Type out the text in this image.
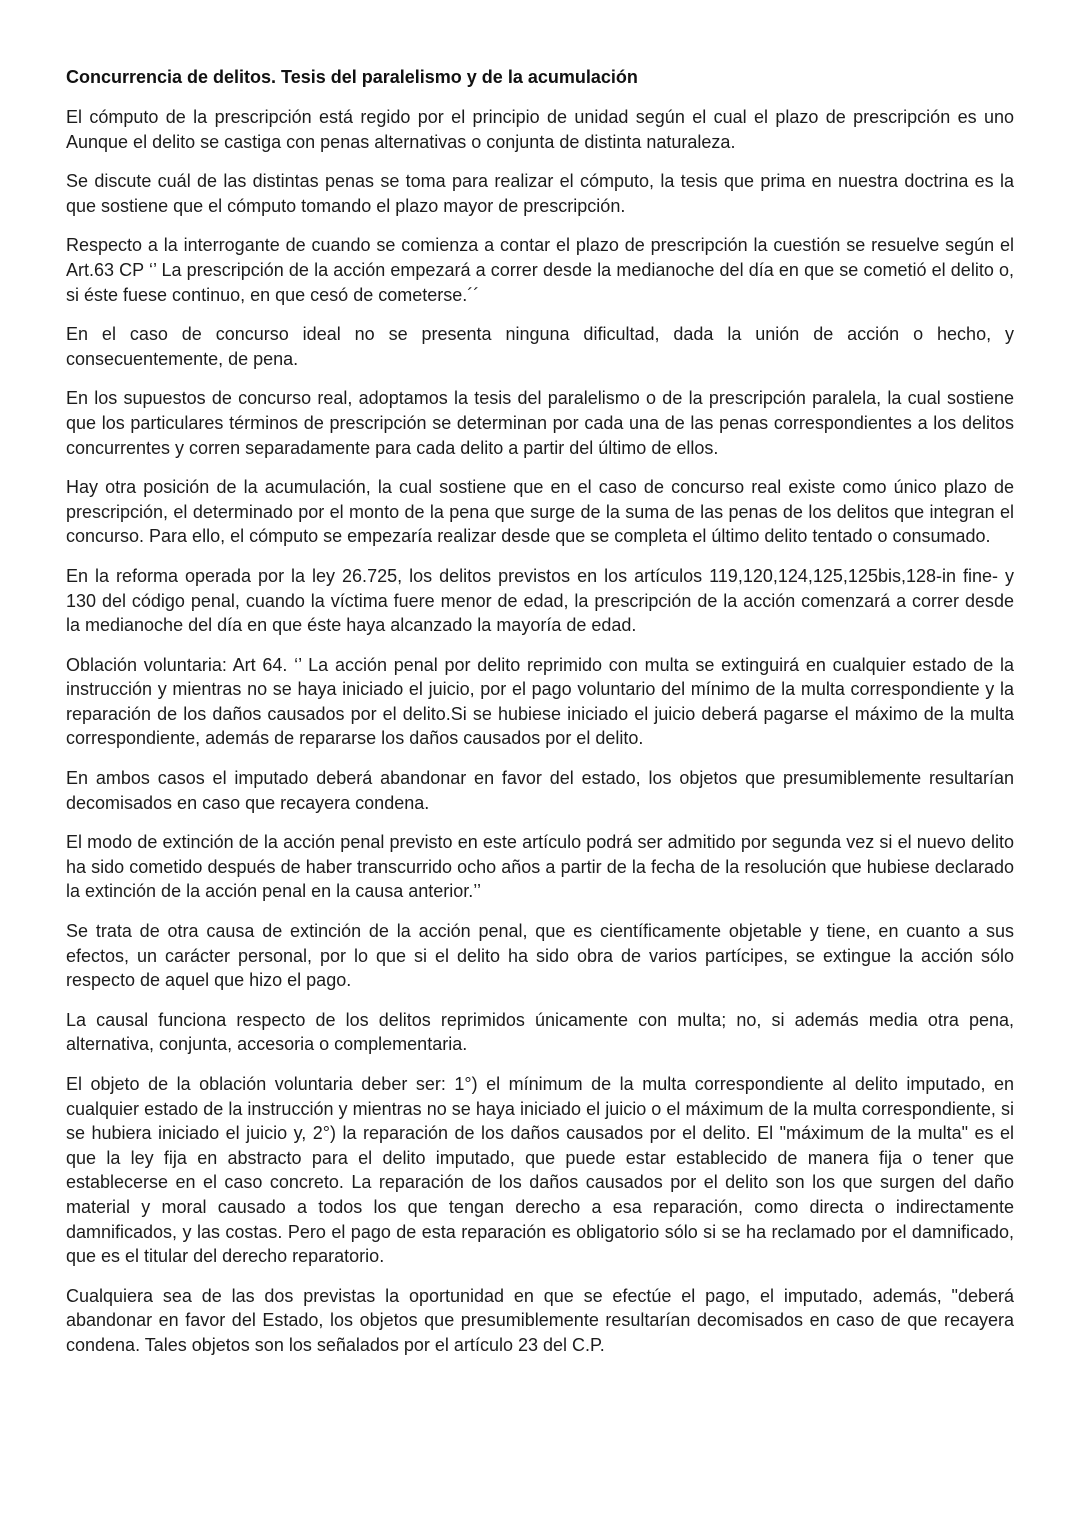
Concurrencia de delitos. Tesis del paralelismo y de la acumulación

El cómputo de la prescripción está regido por el principio de unidad según el cual el plazo de prescripción es uno Aunque el delito se castiga con penas alternativas o conjunta de distinta naturaleza.

Se discute cuál de las distintas penas se toma para realizar el cómputo, la tesis que prima en nuestra doctrina es la que sostiene que el cómputo tomando el plazo mayor de prescripción.

Respecto a la interrogante de cuando se comienza a contar el plazo de prescripción la cuestión se resuelve según el Art.63 CP ‘’ La prescripción de la acción empezará a correr desde la medianoche del día en que se cometió el delito o, si éste fuese continuo, en que cesó de cometerse.´´

En el caso de concurso ideal no se presenta ninguna dificultad, dada la unión de acción o hecho, y consecuentemente, de pena.

En los supuestos de concurso real, adoptamos la tesis del paralelismo o de la prescripción paralela, la cual sostiene que los particulares términos de prescripción se determinan por cada una de las penas correspondientes a los delitos concurrentes y corren separadamente para cada delito a partir del último de ellos.

Hay otra posición de la acumulación, la cual sostiene que en el caso de concurso real existe como único plazo de prescripción, el determinado por el monto de la pena que surge de la suma de las penas de los delitos que integran el concurso. Para ello, el cómputo se empezaría realizar desde que se completa el último delito tentado o consumado.

En la reforma operada por la ley 26.725, los delitos previstos en los artículos 119,120,124,125,125bis,128-in fine- y 130 del código penal, cuando la víctima fuere menor de edad, la prescripción de la acción comenzará a correr desde la medianoche del día en que éste haya alcanzado la mayoría de edad.

Oblación voluntaria: Art 64. ‘’ La acción penal por delito reprimido con multa se extinguirá en cualquier estado de la instrucción y mientras no se haya iniciado el juicio, por el pago voluntario del mínimo de la multa correspondiente y la reparación de los daños causados por el delito.Si se hubiese iniciado el juicio deberá pagarse el máximo de la multa correspondiente, además de repararse los daños causados por el delito.

En ambos casos el imputado deberá abandonar en favor del estado, los objetos que presumiblemente resultarían decomisados en caso que recayera condena.

El modo de extinción de la acción penal previsto en este artículo podrá ser admitido por segunda vez si el nuevo delito ha sido cometido después de haber transcurrido ocho años a partir de la fecha de la resolución que hubiese declarado la extinción de la acción penal en la causa anterior.’’

Se trata de otra causa de extinción de la acción penal, que es científicamente objetable y tiene, en cuanto a sus efectos, un carácter personal, por lo que si el delito ha sido obra de varios partícipes, se extingue la acción sólo respecto de aquel que hizo el pago.

La causal funciona respecto de los delitos reprimidos únicamente con multa; no, si además media otra pena, alternativa, conjunta, accesoria o complementaria.

El objeto de la oblación voluntaria deber ser: 1°) el mínimum de la multa correspondiente al delito imputado, en cualquier estado de la instrucción y mientras no se haya iniciado el juicio o el máximum de la multa correspondiente, si se hubiera iniciado el juicio y, 2°) la reparación de los daños causados por el delito. El "máximum de la multa" es el que la ley fija en abstracto para el delito imputado, que puede estar establecido de manera fija o tener que establecerse en el caso concreto. La reparación de los daños causados por el delito son los que surgen del daño material y moral causado a todos los que tengan derecho a esa reparación, como directa o indirectamente damnificados, y las costas. Pero el pago de esta reparación es obligatorio sólo si se ha reclamado por el damnificado, que es el titular del derecho reparatorio.

Cualquiera sea de las dos previstas la oportunidad en que se efectúe el pago, el imputado, además, "deberá abandonar en favor del Estado, los objetos que presumiblemente resultarían decomisados en caso de que recayera condena. Tales objetos son los señalados por el artículo 23 del C.P.
